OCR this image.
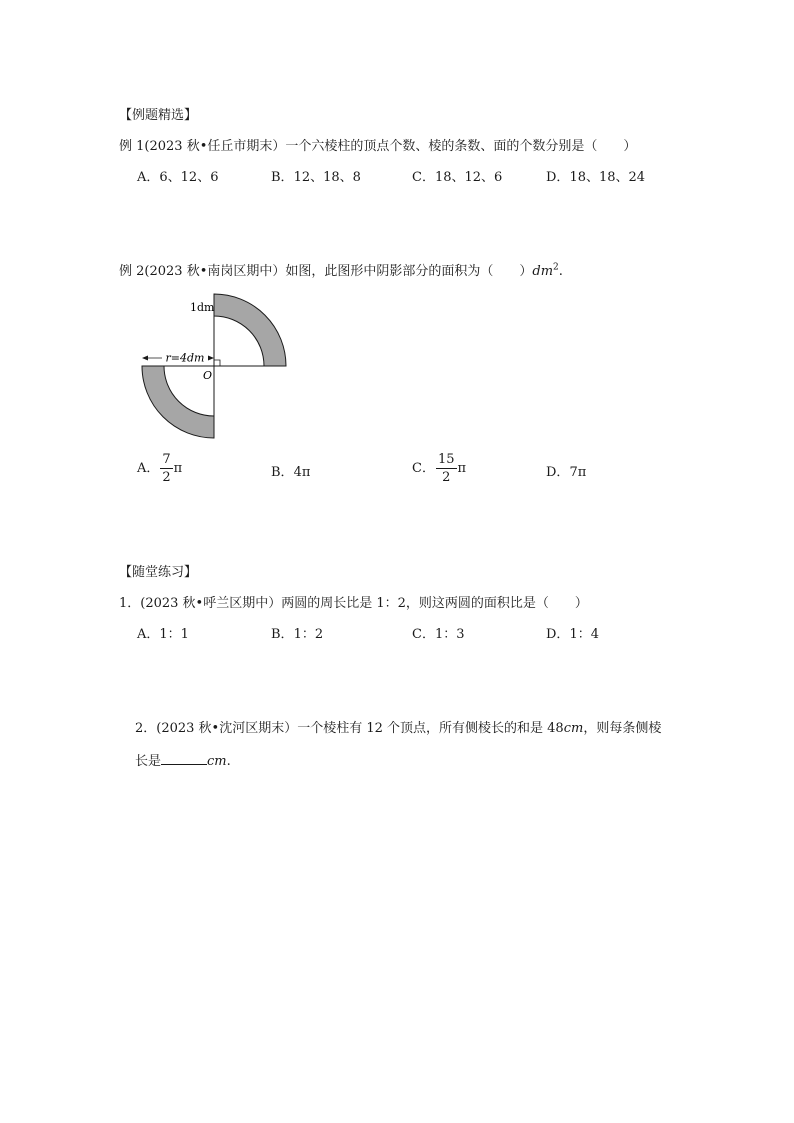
【例题精选】
例 1(2023 秋•任丘市期末）一个六棱柱的顶点个数、棱的条数、面的个数分别是（　　）
A．6、12、6	B．12、18、8	C．18、12、6	D．18、18、24
例 2(2023 秋•南岗区期中）如图，此图形中阴影部分的面积为（　　）$dm^2$.
r=4dm
1dm
O
A． $\frac{7}{2}$ π	B．4π	C． $\frac{15}{2}$ π	D．7π
【随堂练习】
1．(2023 秋•呼兰区期中）两圆的周长比是 1：2，则这两圆的面积比是（　　）
A．1：1	B．1：2	C．1：3	D．1：4
2．(2023 秋•沈河区期末）一个棱柱有 12 个顶点，所有侧棱长的和是 48cm，则每条侧棱
长是	cm.
